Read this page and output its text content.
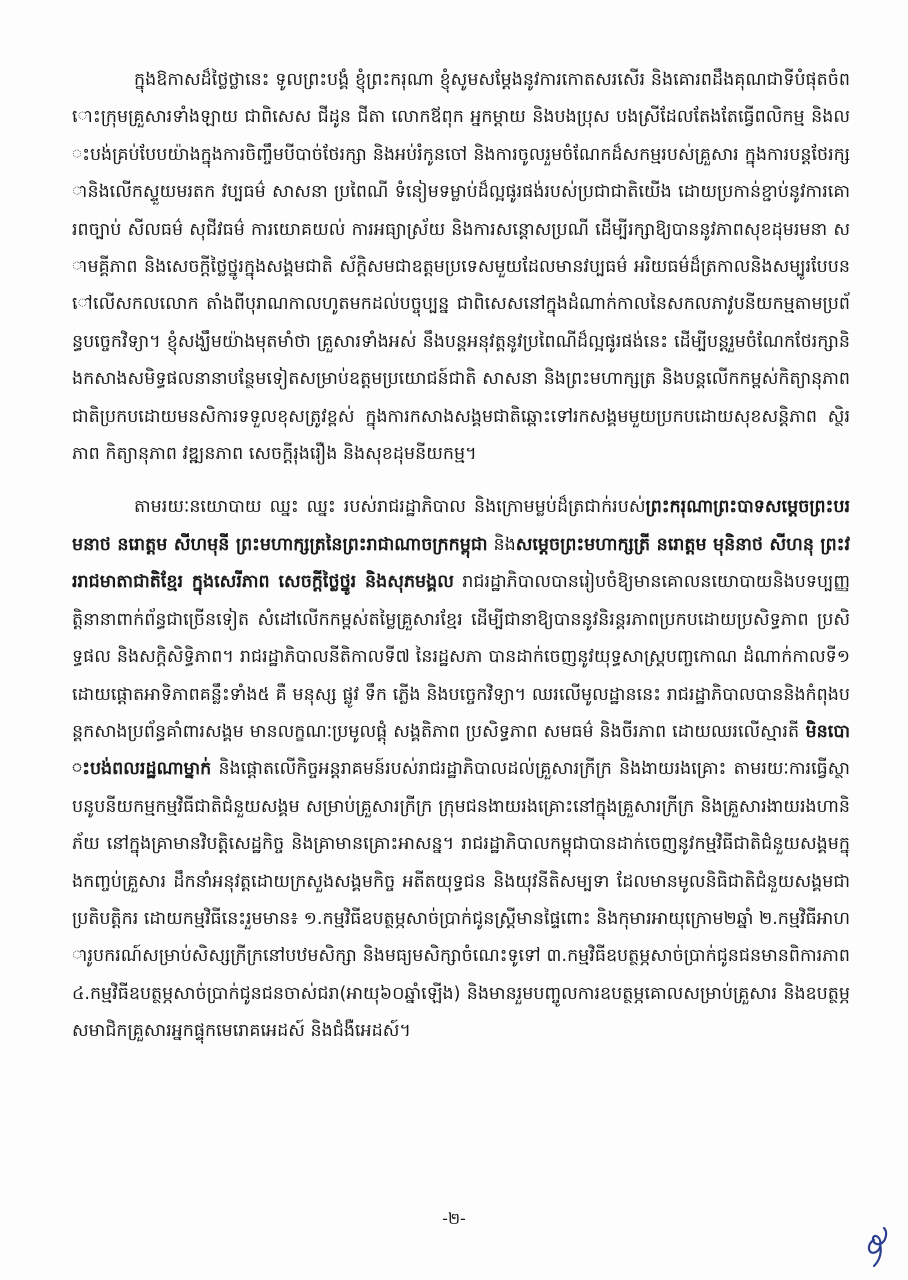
ក្នុងឱកាសដ៏ថ្លៃថ្លានេះ ទូលព្រះបង្គំ ខ្ញុំព្រះករុណា ខ្ញុំសូមសម្តែងនូវការកោតសរសើរ និងគោរពដឹងគុណជាទីបំផុតចំពោះក្រុមគ្រួសារទាំងឡាយ ជាពិសេស ជីដូន ជីតា លោកឪពុក អ្នកម្តាយ និងបងប្រុស បងស្រីដែលតែងតែធ្វើពលិកម្ម និងលះបង់គ្រប់បែបយ៉ាងក្នុងការចិញ្ចឹមបីបាច់ថែរក្សា និងអប់រំកូនចៅ និងការចូលរួមចំណែកដ៏សកម្មរបស់គ្រួសារ ក្នុងការបន្តថែរក្សានិងលើកស្ទួយមរតក វប្បធម៌ សាសនា ប្រពៃណី ទំនៀមទម្លាប់ដ៏ល្អផូរផង់របស់ប្រជាជាតិយើង ដោយប្រកាន់ខ្ជាប់នូវការគោរពច្បាប់ សីលធម៌ សុជីវធម៌ ការយោគយល់ ការអធ្យាស្រ័យ និងការសន្ដោសប្រណី ដើម្បីរក្សាឱ្យបាននូវភាពសុខដុមរមនា សាមគ្គីភាព និងសេចក្តីថ្លៃថ្នូរក្នុងសង្គមជាតិ ស័ក្តិសមជាឧត្តមប្រទេសមួយដែលមានវប្បធម៌ អរិយធម៌ដ៏ត្រកាលនិងសម្បូរបែបនៅលើសកលលោក តាំងពីបុរាណកាលហូតមកដល់បច្ចុប្បន្ន ជាពិសេសនៅក្នុងដំណាក់កាលនៃសកលភាវូបនីយកម្មតាមប្រព័ន្ធបច្ចេកវិទ្យា។ ខ្ញុំសង្ឃឹមយ៉ាងមុតមាំថា គ្រួសារទាំងអស់ នឹងបន្តអនុវត្តនូវប្រពៃណីដ៏ល្អផូរផង់នេះ ដើម្បីបន្តរួមចំណែកថែរក្សានិងកសាងសមិទ្ធផលនានាបន្ថែមទៀតសម្រាប់ឧត្តមប្រយោជន៍ជាតិ សាសនា និងព្រះមហាក្សត្រ និងបន្តលើកកម្ពស់កិត្យានុភាពជាតិប្រកបដោយមនសិការទទួលខុសត្រូវខ្ពស់ ក្នុងការកសាងសង្គមជាតិឆ្ពោះទៅរកសង្គមមួយប្រកបដោយសុខសន្តិភាព ស្ថិរភាព កិត្យានុភាព វឌ្ឍនភាព សេចក្តីរុងរឿង និងសុខដុមនីយកម្ម។

តាមរយៈនយោបាយ ឈ្នះ ឈ្នះ របស់រាជរដ្ឋាភិបាល និងក្រោមម្លប់ដ៏ត្រជាក់របស់ព្រះករុណាព្រះបាទសម្តេចព្រះបរមនាថ នរោត្តម សីហមុនី ព្រះមហាក្សត្រនៃព្រះរាជាណាចក្រកម្ពុជា និងសម្តេចព្រះមហាក្សត្រី នរោត្តម មុនិនាថ សីហនុ ព្រះវររាជមាតាជាតិខ្មែរ ក្នុងសេរីភាព សេចក្តីថ្លៃថ្នូរ និងសុភមង្គល រាជរដ្ឋាភិបាលបានរៀបចំឱ្យមានគោលនយោបាយនិងបទប្បញ្ញត្តិនានាពាក់ព័ន្ធជាច្រើនទៀត សំដៅលើកកម្ពស់តម្លៃគ្រួសារខ្មែរ ដើម្បីជានាឱ្យបាននូវនិរន្តរភាពប្រកបដោយប្រសិទ្ធភាព ប្រសិទ្ធផល និងសក្តិសិទ្ធិភាព។ រាជរដ្ឋាភិបាលនីតិកាលទី៧ នៃរដ្ឋសភា បានដាក់ចេញនូវយុទ្ធសាស្ត្របញ្ចកោណ ដំណាក់កាលទី១ ដោយផ្តោតអាទិភាពគន្លឹះទាំង៥ គឺ មនុស្ស ផ្លូវ ទឹក ភ្លើង និងបច្ចេកវិទ្យា។ ឈរលើមូលដ្ឋាននេះ រាជរដ្ឋាភិបាលបាននិងកំពុងបន្តកសាងប្រព័ន្ធគាំពារសង្គម មានលក្ខណៈប្រមូលផ្តុំ សង្គតិភាព ប្រសិទ្ធភាព សមធម៌ និងចីរភាព ដោយឈរលើស្មារតី មិនបោះបង់ពលរដ្ឋណាម្នាក់ និងផ្តោតលើកិច្ចអន្តរាគមន៍របស់រាជរដ្ឋាភិបាលដល់គ្រួសារក្រីក្រ និងងាយរងគ្រោះ តាមរយៈការធ្វើស្ថាបនូបនីយកម្មកម្មវិធីជាតិជំនួយសង្គម សម្រាប់គ្រួសារក្រីក្រ ក្រុមជនងាយរងគ្រោះនៅក្នុងគ្រួសារក្រីក្រ និងគ្រួសារងាយរងហានិភ័យ នៅក្នុងគ្រាមានវិបត្តិសេដ្ឋកិច្ច និងគ្រាមានគ្រោះអាសន្ន។ រាជរដ្ឋាភិបាលកម្ពុជាបានដាក់ចេញនូវកម្មវិធីជាតិជំនួយសង្គមក្នុងកញ្ចប់គ្រួសារ ដឹកនាំអនុវត្តដោយក្រសួងសង្គមកិច្ច អតីតយុទ្ធជន និងយុវនីតិសម្បទា ដែលមានមូលនិធិជាតិជំនួយសង្គមជាប្រតិបត្តិករ ដោយកម្មវិធីនេះរួមមាន៖ ១.កម្មវិធីឧបត្ថម្ភសាច់ប្រាក់ជូនស្ត្រីមានផ្ទៃពោះ និងកុមារអាយុក្រោម២ឆ្នាំ ២.កម្មវិធីអាហារូបករណ៍សម្រាប់សិស្សក្រីក្រនៅបឋមសិក្សា និងមធ្យមសិក្សាចំណេះទូទៅ ៣.កម្មវិធីឧបត្ថម្ភសាច់ប្រាក់ជូនជនមានពិការភាព ៤.កម្មវិធីឧបត្ថម្ភសាច់ប្រាក់ជូនជនចាស់ជរា(អាយុ៦០ឆ្នាំឡើង) និងមានរួមបញ្ចូលការឧបត្ថម្ភគោលសម្រាប់គ្រួសារ និងឧបត្ថម្ភសមាជិកគ្រួសារអ្នកផ្ទុកមេរោគអេដស៍ និងជំងឺអេដស៍។

-២-
